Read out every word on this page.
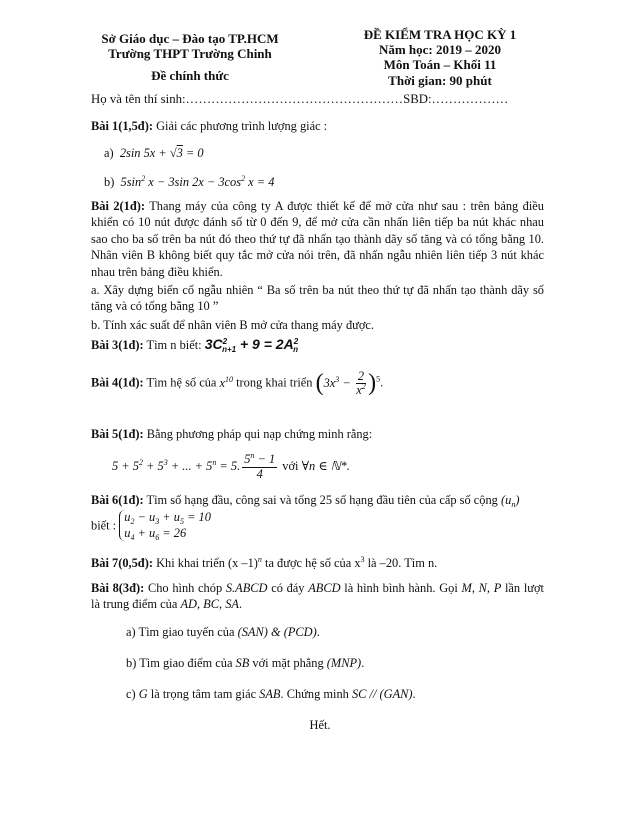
Sở Giáo dục – Đào tạo TP.HCM
Trường THPT Trường Chinh
Đề chính thức
ĐỀ KIỂM TRA HỌC KỲ 1
Năm học: 2019 – 2020
Môn Toán – Khối 11
Thời gian: 90 phút
Họ và tên thí sinh:……………………………………………SBD:………………
Bài 1(1,5đ): Giải các phương trình lượng giác :
a)  2sin 5x + √3 = 0
b)  $5\sin^2$ x − 3sin $2x - 3\cos^2$ x = 4
Bài 2(1đ): Thang máy của công ty A được thiết kế để mở cửa như sau : trên bảng điều khiển có 10 nút được đánh số từ 0 đến 9, để mở cửa cần nhấn liên tiếp ba nút khác nhau sao cho ba số trên ba nút đó theo thứ tự đã nhấn tạo thành dãy số tăng và có tổng bằng 10. Nhân viên B không biết quy tắc mở cửa nói trên, đã nhấn ngẫu nhiên liên tiếp 3 nút khác nhau trên bảng điều khiển.
a. Xây dựng biến cố ngẫu nhiên “ Ba số trên ba nút theo thứ tự đã nhấn tạo thành dãy số tăng và có tổng bằng 10 ”
b. Tính xác suất để nhân viên B mở cửa thang máy được.
Bài 3(1đ): Tìm n biết: $3C^2_{n+1} + 9 = 2A^2_n$
Bài 4(1đ): Tìm hệ số của $x^{10}$ trong khai triển $(3x^3 - \frac{2}{x^2} )^5$.
Bài 5(1đ): Bằng phương pháp qui nạp chứng minh rằng:
$5 + 5^2 + 5^3$ + ... + $5^n = 5$. $\frac{5^n - 1}{4}$ với ∀n ∈ ℕ*.
Bài 6(1đ): Tìm số hạng đầu, công sai và tổng 25 số hạng đầu tiên của cấp số cộng $(u_n)$
biết : $u_2 - u_3 + u_5 = 10$
$u_4 + u_6 = 26$
Bài 7(0,5đ): Khi khai triển (x –1)$^n$ ta được hệ số của $x^3$ là –20. Tìm n.
Bài 8(3đ): Cho hình chóp S.ABCD có đáy ABCD là hình bình hành. Gọi M, N, P lần lượt là trung điểm của AD, BC, SA.
a) Tìm giao tuyến của (SAN) & (PCD).
b) Tìm giao điểm của SB với mặt phẳng (MNP).
c) G là trọng tâm tam giác SAB. Chứng minh SC // (GAN).
Hết.
